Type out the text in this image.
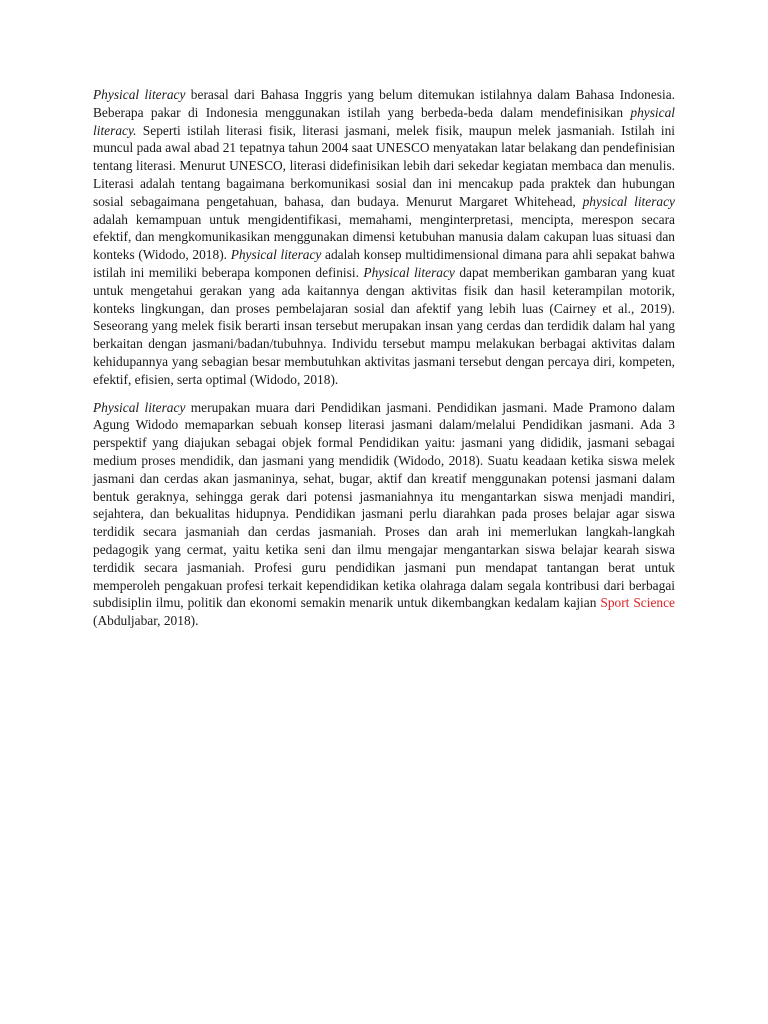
Physical literacy berasal dari Bahasa Inggris yang belum ditemukan istilahnya dalam Bahasa Indonesia. Beberapa pakar di Indonesia menggunakan istilah yang berbeda-beda dalam mendefinisikan physical literacy. Seperti istilah literasi fisik, literasi jasmani, melek fisik, maupun melek jasmaniah. Istilah ini muncul pada awal abad 21 tepatnya tahun 2004 saat UNESCO menyatakan latar belakang dan pendefinisian tentang literasi. Menurut UNESCO, literasi didefinisikan lebih dari sekedar kegiatan membaca dan menulis. Literasi adalah tentang bagaimana berkomunikasi sosial dan ini mencakup pada praktek dan hubungan sosial sebagaimana pengetahuan, bahasa, dan budaya. Menurut Margaret Whitehead, physical literacy adalah kemampuan untuk mengidentifikasi, memahami, menginterpretasi, mencipta, merespon secara efektif, dan mengkomunikasikan menggunakan dimensi ketubuhan manusia dalam cakupan luas situasi dan konteks (Widodo, 2018). Physical literacy adalah konsep multidimensional dimana para ahli sepakat bahwa istilah ini memiliki beberapa komponen definisi. Physical literacy dapat memberikan gambaran yang kuat untuk mengetahui gerakan yang ada kaitannya dengan aktivitas fisik dan hasil keterampilan motorik, konteks lingkungan, dan proses pembelajaran sosial dan afektif yang lebih luas (Cairney et al., 2019). Seseorang yang melek fisik berarti insan tersebut merupakan insan yang cerdas dan terdidik dalam hal yang berkaitan dengan jasmani/badan/tubuhnya. Individu tersebut mampu melakukan berbagai aktivitas dalam kehidupannya yang sebagian besar membutuhkan aktivitas jasmani tersebut dengan percaya diri, kompeten, efektif, efisien, serta optimal (Widodo, 2018).

Physical literacy merupakan muara dari Pendidikan jasmani. Pendidikan jasmani. Made Pramono dalam Agung Widodo memaparkan sebuah konsep literasi jasmani dalam/melalui Pendidikan jasmani. Ada 3 perspektif yang diajukan sebagai objek formal Pendidikan yaitu: jasmani yang dididik, jasmani sebagai medium proses mendidik, dan jasmani yang mendidik (Widodo, 2018). Suatu keadaan ketika siswa melek jasmani dan cerdas akan jasmaninya, sehat, bugar, aktif dan kreatif menggunakan potensi jasmani dalam bentuk geraknya, sehingga gerak dari potensi jasmaniahnya itu mengantarkan siswa menjadi mandiri, sejahtera, dan bekualitas hidupnya. Pendidikan jasmani perlu diarahkan pada proses belajar agar siswa terdidik secara jasmaniah dan cerdas jasmaniah. Proses dan arah ini memerlukan langkah-langkah pedagogik yang cermat, yaitu ketika seni dan ilmu mengajar mengantarkan siswa belajar kearah siswa terdidik secara jasmaniah. Profesi guru pendidikan jasmani pun mendapat tantangan berat untuk memperoleh pengakuan profesi terkait kependidikan ketika olahraga dalam segala kontribusi dari berbagai subdisiplin ilmu, politik dan ekonomi semakin menarik untuk dikembangkan kedalam kajian Sport Science (Abduljabar, 2018).
